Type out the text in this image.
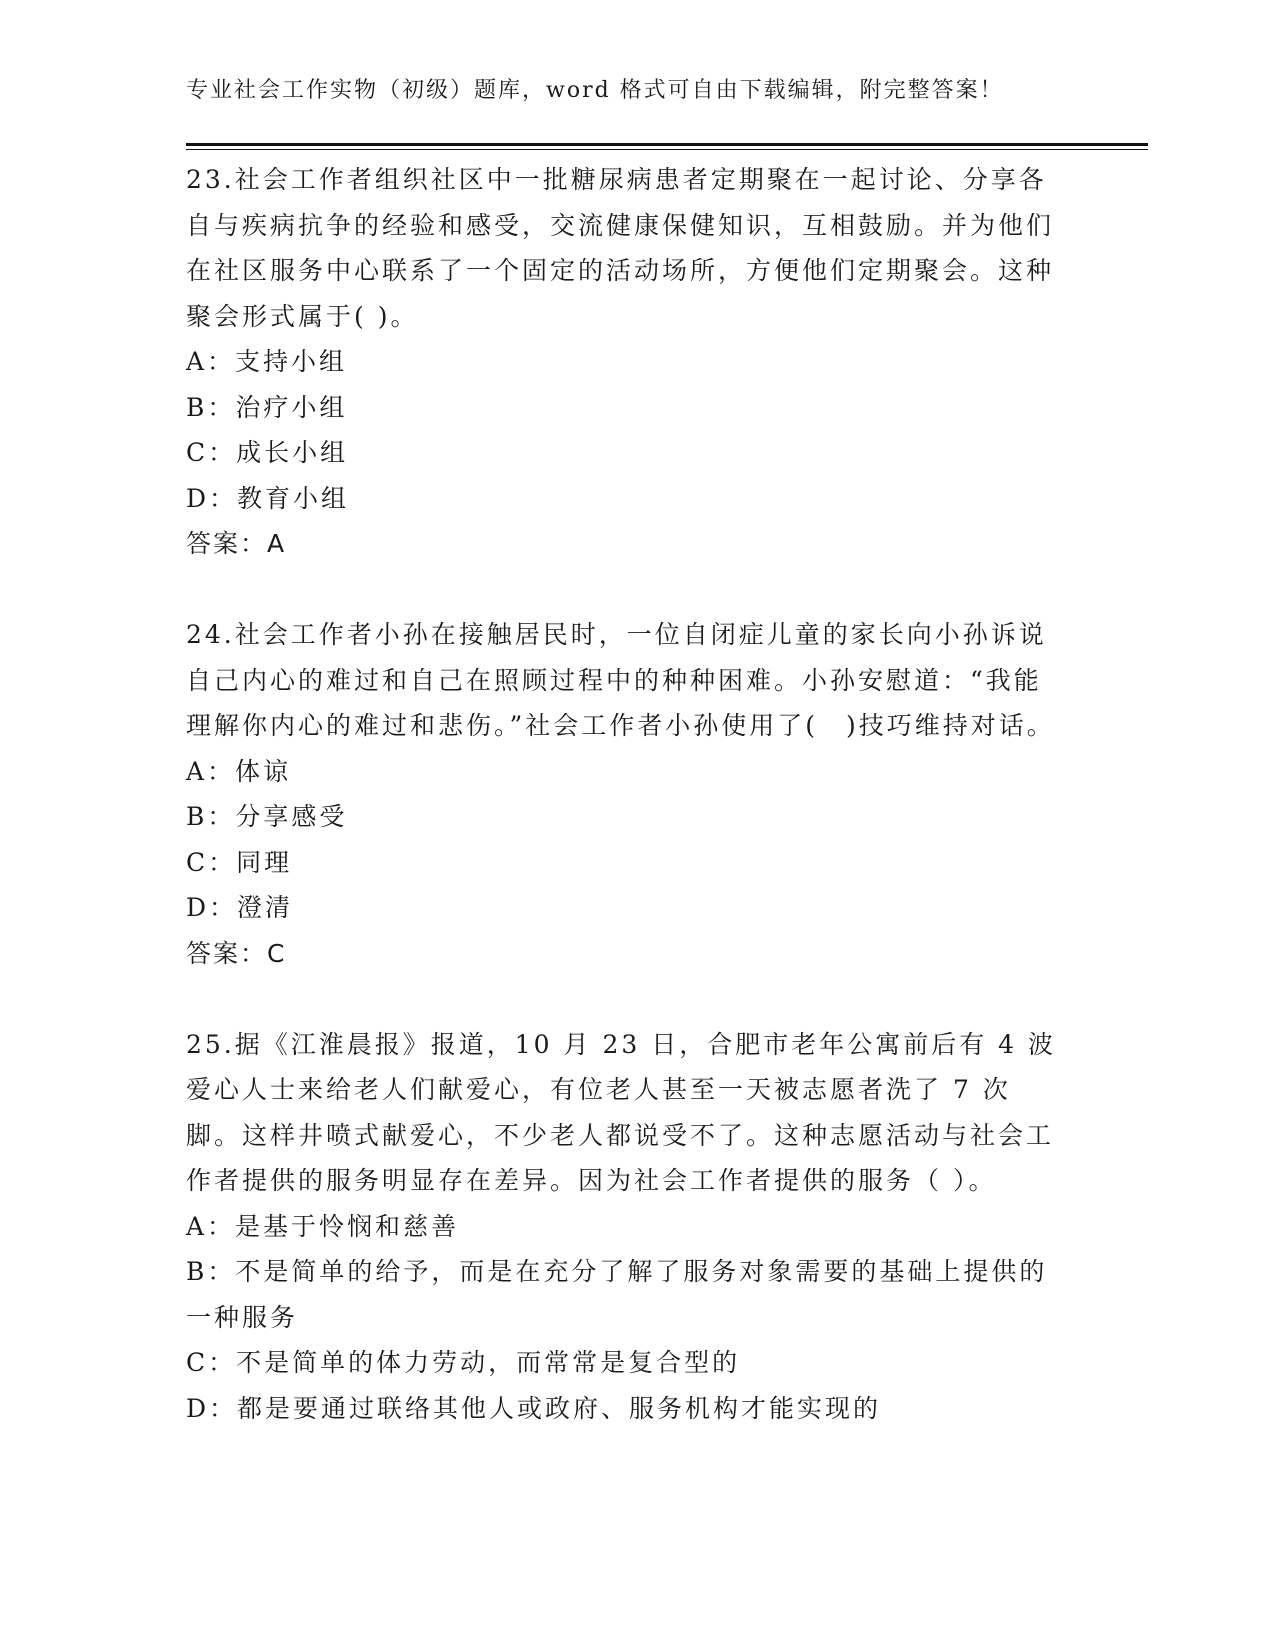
专业社会工作实物（初级）题库，word 格式可自由下载编辑，附完整答案！

23.社会工作者组织社区中一批糖尿病患者定期聚在一起讨论、分享各自与疾病抗争的经验和感受，交流健康保健知识，互相鼓励。并为他们在社区服务中心联系了一个固定的活动场所，方便他们定期聚会。这种聚会形式属于( )。

A：支持小组

B：治疗小组

C：成长小组

D：教育小组

答案：A

24.社会工作者小孙在接触居民时，一位自闭症儿童的家长向小孙诉说自己内心的难过和自己在照顾过程中的种种困难。小孙安慰道：“我能理解你内心的难过和悲伤。”社会工作者小孙使用了(　)技巧维持对话。

A：体谅

B：分享感受

C：同理

D：澄清

答案：C

25.据《江淮晨报》报道，10 月 23 日，合肥市老年公寓前后有 4 波爱心人士来给老人们献爱心，有位老人甚至一天被志愿者洗了 7 次脚。这样井喷式献爱心，不少老人都说受不了。这种志愿活动与社会工作者提供的服务明显存在差异。因为社会工作者提供的服务（ ）。

A：是基于怜悯和慈善

B：不是简单的给予，而是在充分了解了服务对象需要的基础上提供的一种服务

C：不是简单的体力劳动，而常常是复合型的

D：都是要通过联络其他人或政府、服务机构才能实现的
